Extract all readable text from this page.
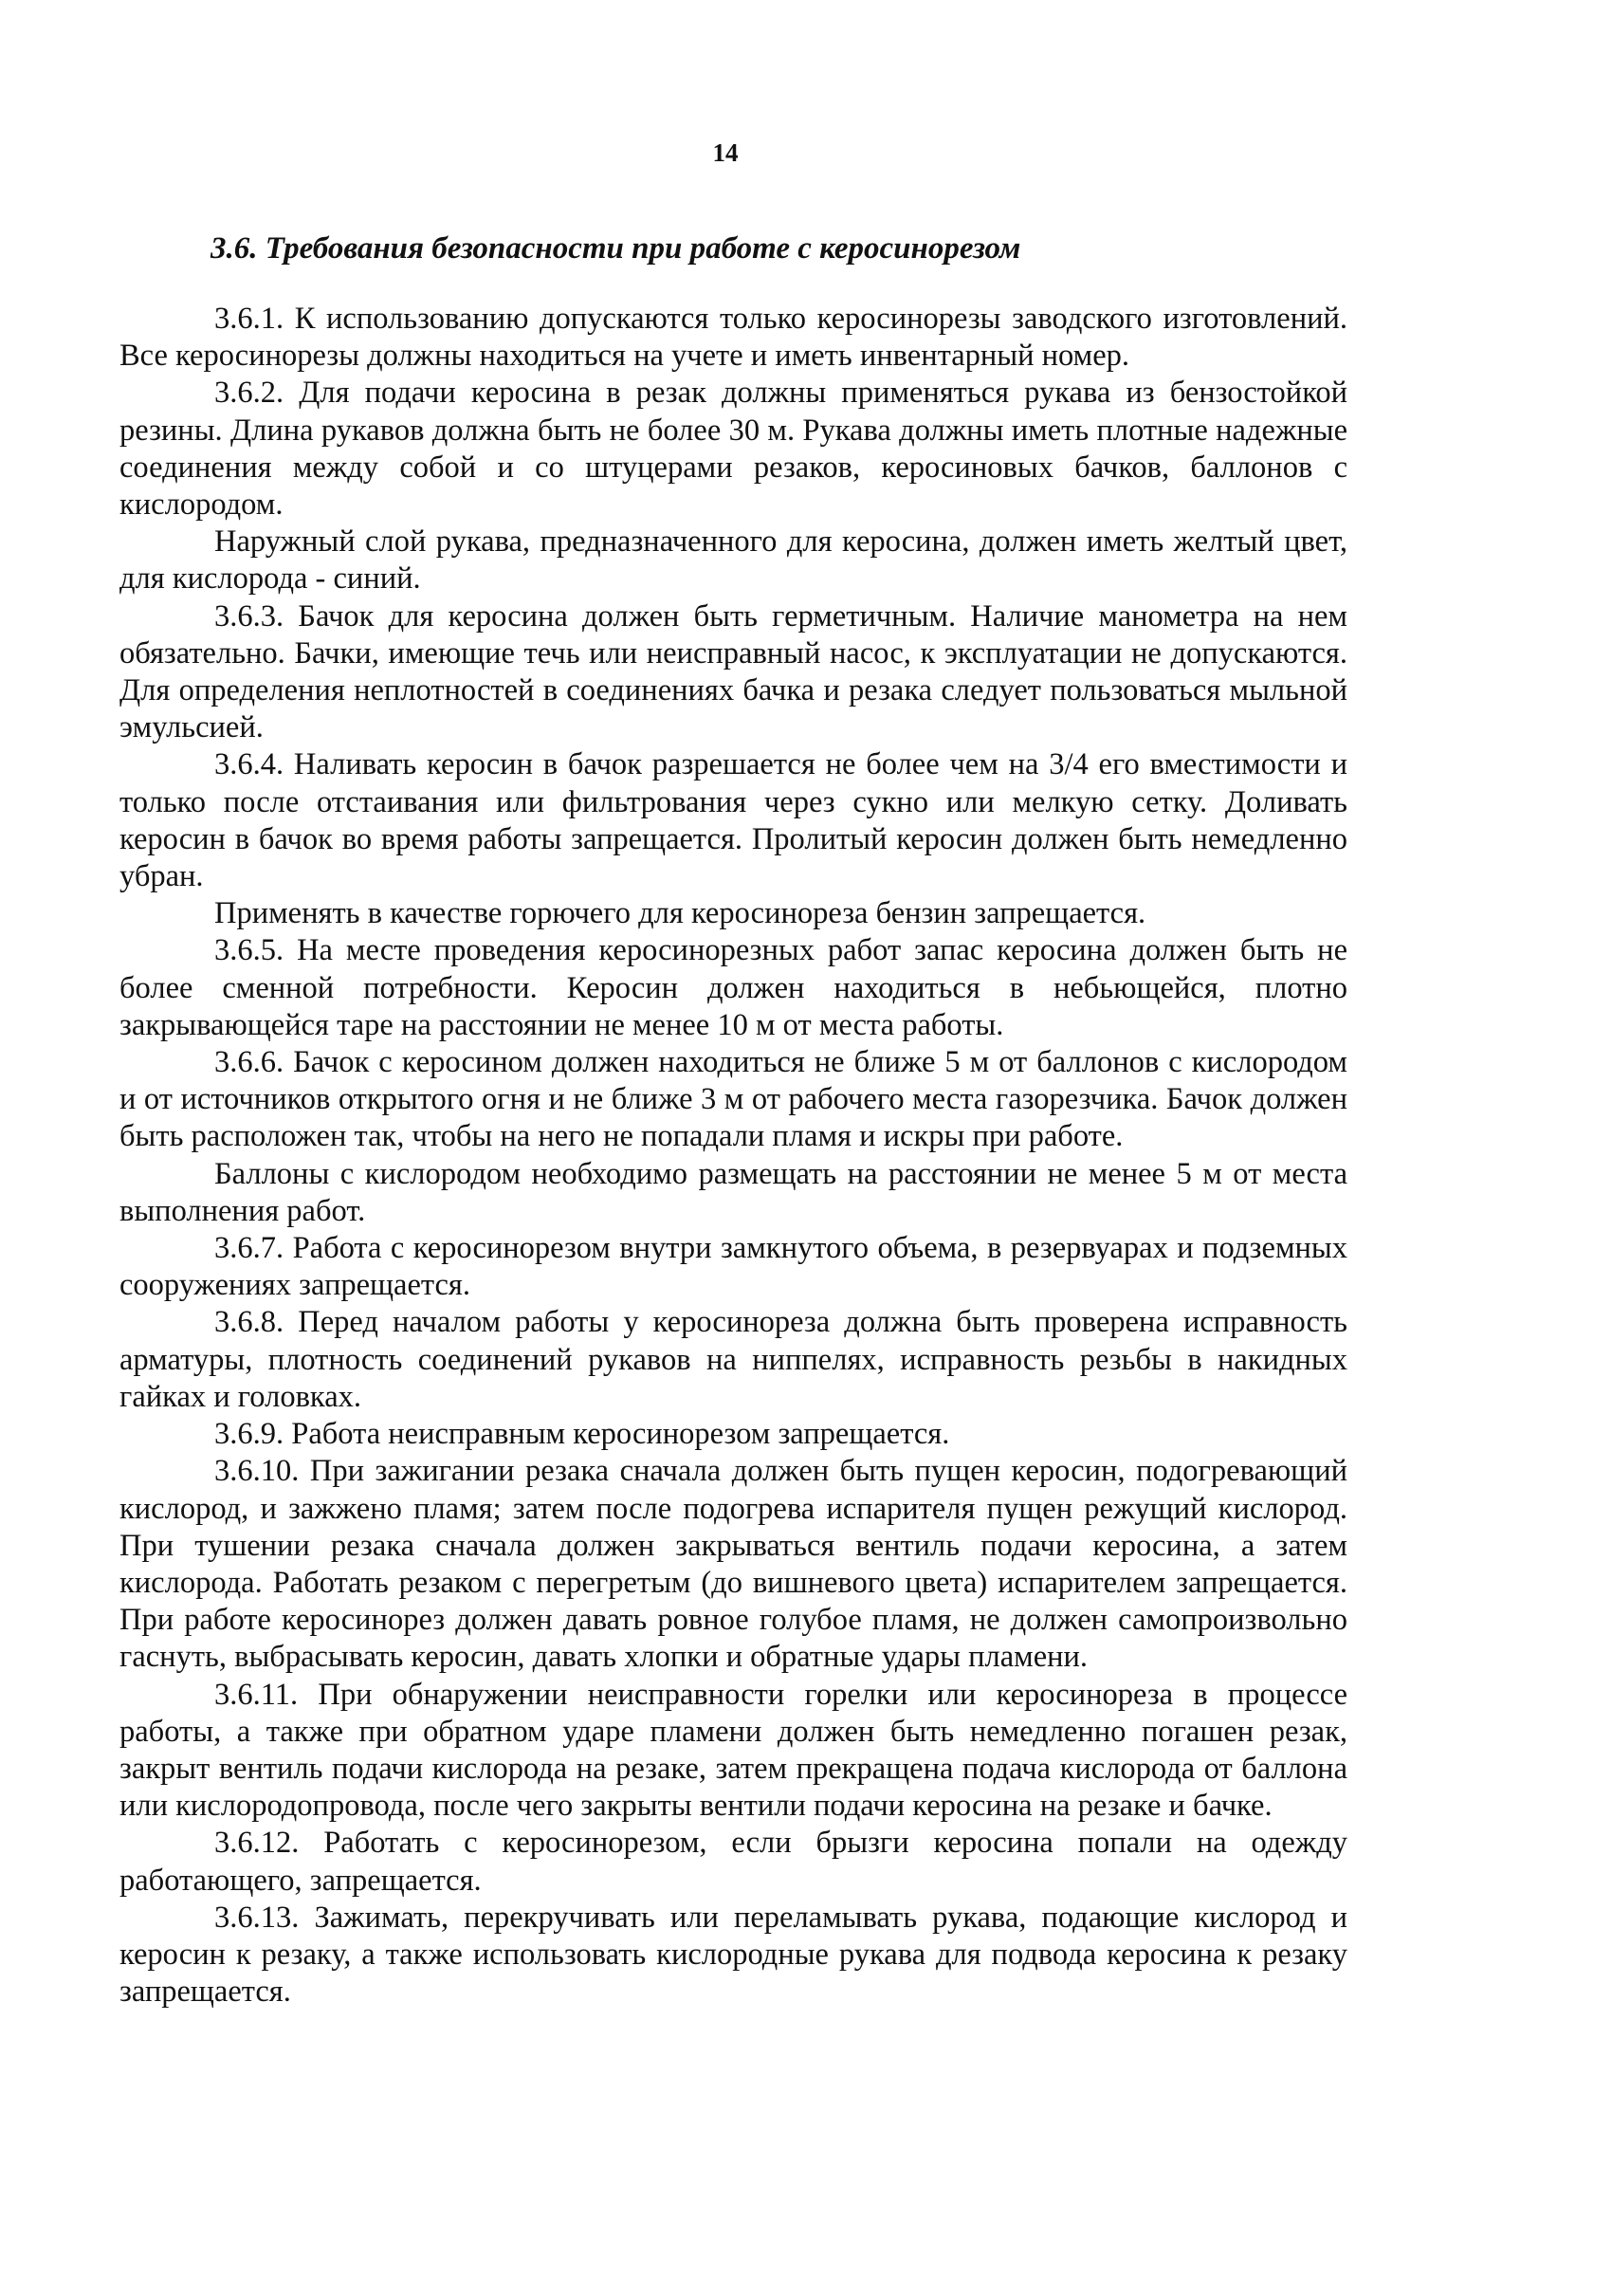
14
3.6. Требования безопасности при работе с керосинорезом

3.6.1. К использованию допускаются только керосинорезы заводского изготовлений. Все керосинорезы должны находиться на учете и иметь инвентарный номер.

3.6.2. Для подачи керосина в резак должны применяться рукава из бензостойкой резины. Длина рукавов должна быть не более 30 м. Рукава должны иметь плотные надежные соединения между собой и со штуцерами резаков, керосиновых бачков, баллонов с кислородом.

Наружный слой рукава, предназначенного для керосина, должен иметь желтый цвет, для кислорода - синий.

3.6.3. Бачок для керосина должен быть герметичным. Наличие манометра на нем обязательно. Бачки, имеющие течь или неисправный насос, к эксплуатации не допускаются. Для определения неплотностей в соединениях бачка и резака следует пользоваться мыльной эмульсией.

3.6.4. Наливать керосин в бачок разрешается не более чем на 3/4 его вместимости и только после отстаивания или фильтрования через сукно или мелкую сетку. Доливать керосин в бачок во время работы запрещается. Пролитый керосин должен быть немедленно убран.

Применять в качестве горючего для керосинореза бензин запрещается.

3.6.5. На месте проведения керосинорезных работ запас керосина должен быть не более сменной потребности. Керосин должен находиться в небьющейся, плотно закрывающейся таре на расстоянии не менее 10 м от места работы.

3.6.6. Бачок с керосином должен находиться не ближе 5 м от баллонов с кислородом и от источников открытого огня и не ближе 3 м от рабочего места газорезчика. Бачок должен быть расположен так, чтобы на него не попадали пламя и искры при работе.

Баллоны с кислородом необходимо размещать на расстоянии не менее 5 м от места выполнения работ.

3.6.7. Работа с керосинорезом внутри замкнутого объема, в резервуарах и подземных сооружениях запрещается.

3.6.8. Перед началом работы у керосинореза должна быть проверена исправность арматуры, плотность соединений рукавов на ниппелях, исправность резьбы в накидных гайках и головках.

3.6.9. Работа неисправным керосинорезом запрещается.

3.6.10. При зажигании резака сначала должен быть пущен керосин, подогревающий кислород, и зажжено пламя; затем после подогрева испарителя пущен режущий кислород. При тушении резака сначала должен закрываться вентиль подачи керосина, а затем кислорода. Работать резаком с перегретым (до вишневого цвета) испарителем запрещается. При работе керосинорез должен давать ровное голубое пламя, не должен самопроизвольно гаснуть, выбрасывать керосин, давать хлопки и обратные удары пламени.

3.6.11. При обнаружении неисправности горелки или керосинореза в процессе работы, а также при обратном ударе пламени должен быть немедленно погашен резак, закрыт вентиль подачи кислорода на резаке, затем прекращена подача кислорода от баллона или кислородопровода, после чего закрыты вентили подачи керосина на резаке и бачке.

3.6.12. Работать с керосинорезом, если брызги керосина попали на одежду работающего, запрещается.

3.6.13. Зажимать, перекручивать или переламывать рукава, подающие кислород и керосин к резаку, а также использовать кислородные рукава для подвода керосина к резаку запрещается.
